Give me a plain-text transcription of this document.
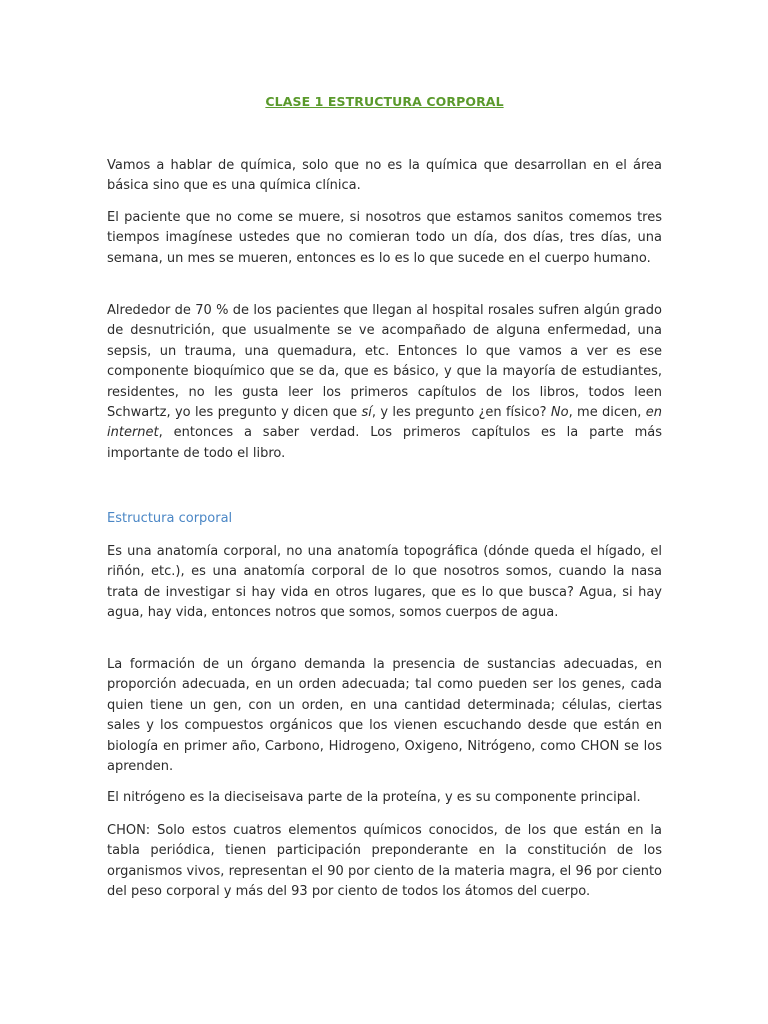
CLASE 1 ESTRUCTURA CORPORAL

Vamos a hablar de química, solo que no es la química que desarrollan en el área básica sino que es una química clínica.

El paciente que no come se muere, si nosotros que estamos sanitos comemos tres tiempos imagínese ustedes que no comieran todo un día, dos días, tres días, una semana, un mes se mueren, entonces es lo es lo que sucede en el cuerpo humano.

Alrededor de 70 % de los pacientes que llegan al hospital rosales sufren algún grado de desnutrición, que usualmente se ve acompañado de alguna enfermedad, una sepsis, un trauma, una quemadura, etc. Entonces lo que vamos a ver es ese componente bioquímico que se da, que es básico, y que la mayoría de estudiantes, residentes, no les gusta leer los primeros capítulos de los libros, todos leen Schwartz, yo les pregunto y dicen que sí, y les pregunto ¿en físico? No, me dicen, en internet, entonces a saber verdad. Los primeros capítulos es la parte más importante de todo el libro.

Estructura corporal

Es una anatomía corporal, no una anatomía topográfica (dónde queda el hígado, el riñón, etc.), es una anatomía corporal de lo que nosotros somos, cuando la nasa trata de investigar si hay vida en otros lugares, que es lo que busca? Agua, si hay agua, hay vida, entonces notros que somos, somos cuerpos de agua.

La formación de un órgano demanda la presencia de sustancias adecuadas, en proporción adecuada, en un orden adecuada; tal como pueden ser los genes, cada quien tiene un gen, con un orden, en una cantidad determinada; células, ciertas sales y los compuestos orgánicos que los vienen escuchando desde que están en biología en primer año, Carbono, Hidrogeno, Oxigeno, Nitrógeno, como CHON se los aprenden.

El nitrógeno es la dieciseisava parte de la proteína, y es su componente principal.

CHON: Solo estos cuatros elementos químicos conocidos, de los que están en la tabla periódica, tienen participación preponderante en la constitución de los organismos vivos, representan el 90 por ciento de la materia magra, el 96 por ciento del peso corporal y más del 93 por ciento de todos los átomos del cuerpo.
